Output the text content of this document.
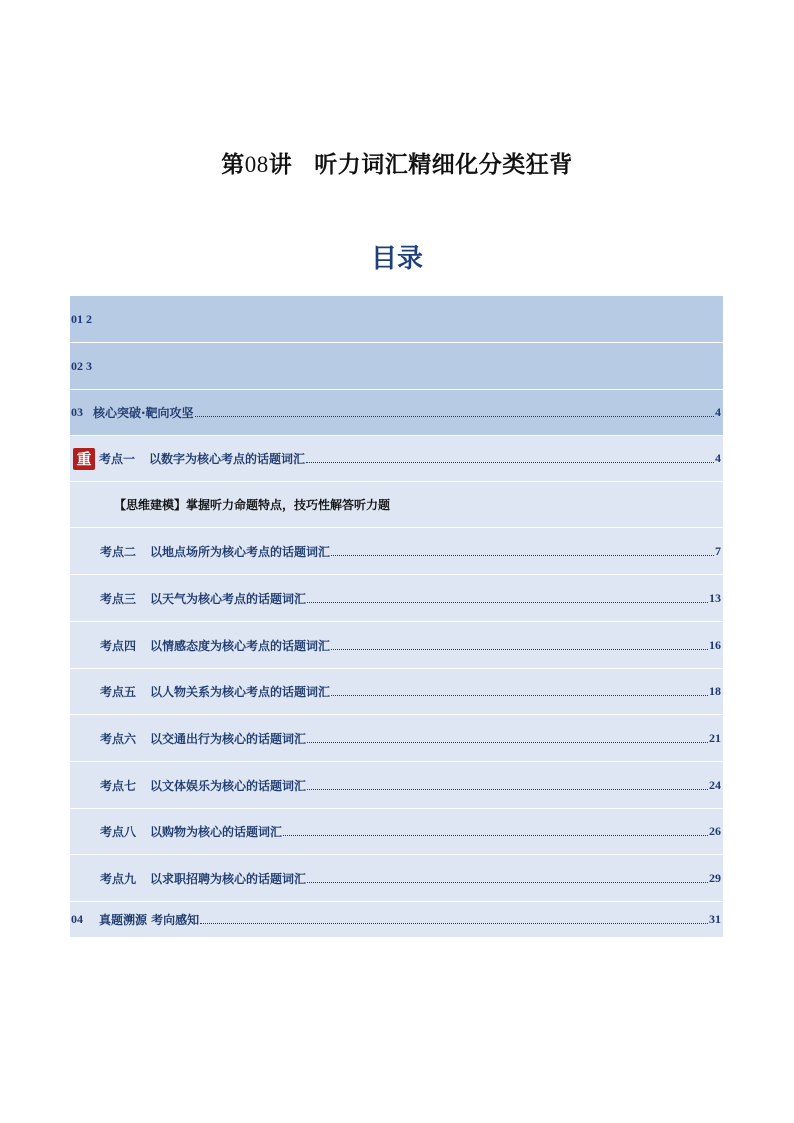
第08讲 听力词汇精细化分类狂背
目录
01 2
02 3
03 核心突破·靶向攻坚	4
重 考点一 以数字为核心考点的话题词汇	4
【思维建模】掌握听力命题特点，技巧性解答听力题
考点二 以地点场所为核心考点的话题词汇	7
考点三 以天气为核心考点的话题词汇	13
考点四 以情感态度为核心考点的话题词汇	16
考点五 以人物关系为核心考点的话题词汇	18
考点六 以交通出行为核心的话题词汇	21
考点七 以文体娱乐为核心的话题词汇	24
考点八 以购物为核心的话题词汇	26
考点九 以求职招聘为核心的话题词汇	29
04 真题溯源 考向感知	31
